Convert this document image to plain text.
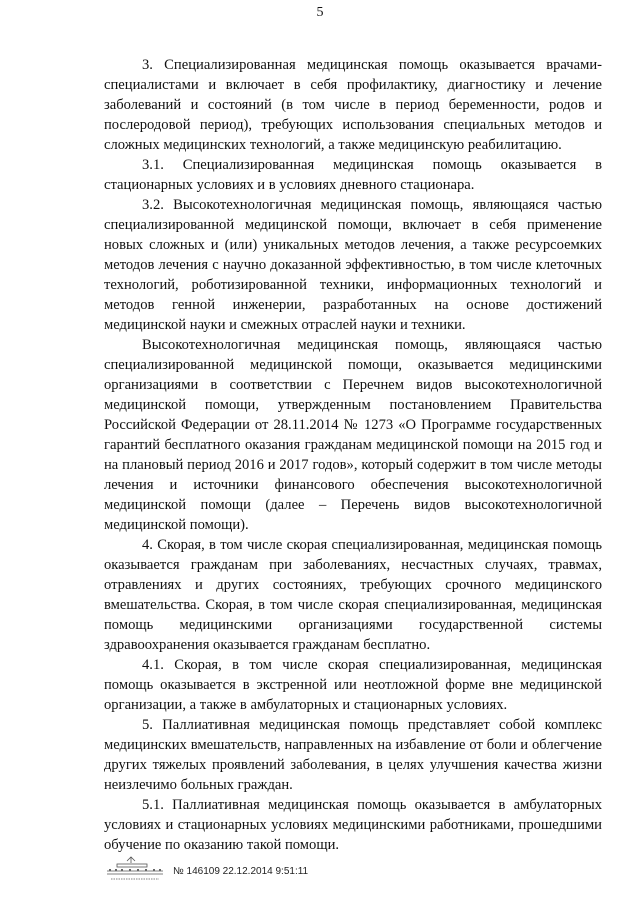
5

3. Специализированная медицинская помощь оказывается врачами-специалистами и включает в себя профилактику, диагностику и лечение заболеваний и состояний (в том числе в период беременности, родов и послеродовой период), требующих использования специальных методов и сложных медицинских технологий, а также медицинскую реабилитацию.

3.1. Специализированная медицинская помощь оказывается в стационарных условиях и в условиях дневного стационара.

3.2. Высокотехнологичная медицинская помощь, являющаяся частью специализированной медицинской помощи, включает в себя применение новых сложных и (или) уникальных методов лечения, а также ресурсоемких методов лечения с научно доказанной эффективностью, в том числе клеточных технологий, роботизированной техники, информационных технологий и методов генной инженерии, разработанных на основе достижений медицинской науки и смежных отраслей науки и техники.

Высокотехнологичная медицинская помощь, являющаяся частью специализированной медицинской помощи, оказывается медицинскими организациями в соответствии с Перечнем видов высокотехнологичной медицинской помощи, утвержденным постановлением Правительства Российской Федерации от 28.11.2014 № 1273 «О Программе государственных гарантий бесплатного оказания гражданам медицинской помощи на 2015 год и на плановый период 2016 и 2017 годов», который содержит в том числе методы лечения и источники финансового обеспечения высокотехнологичной медицинской помощи (далее – Перечень видов высокотехнологичной медицинской помощи).

4. Скорая, в том числе скорая специализированная, медицинская помощь оказывается гражданам при заболеваниях, несчастных случаях, травмах, отравлениях и других состояниях, требующих срочного медицинского вмешательства. Скорая, в том числе скорая специализированная, медицинская помощь медицинскими организациями государственной системы здравоохранения оказывается гражданам бесплатно.

4.1. Скорая, в том числе скорая специализированная, медицинская помощь оказывается в экстренной или неотложной форме вне медицинской организации, а также в амбулаторных и стационарных условиях.

5. Паллиативная медицинская помощь представляет собой комплекс медицинских вмешательств, направленных на избавление от боли и облегчение других тяжелых проявлений заболевания, в целях улучшения качества жизни неизлечимо больных граждан.

5.1. Паллиативная медицинская помощь оказывается в амбулаторных условиях и стационарных условиях медицинскими работниками, прошедшими обучение по оказанию такой помощи.

№ 146109 22.12.2014 9:51:11
